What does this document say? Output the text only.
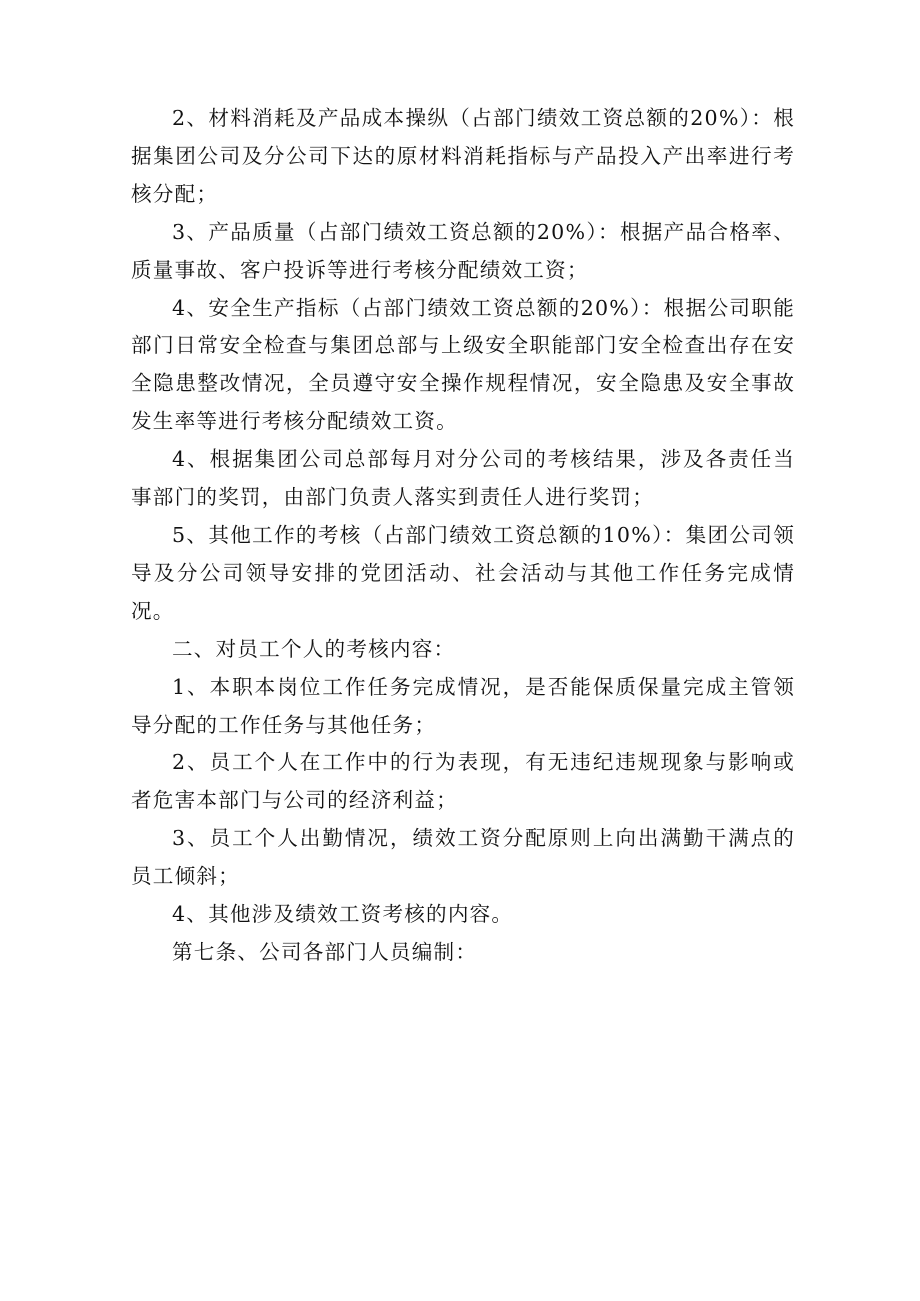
2、材料消耗及产品成本操纵（占部门绩效工资总额的20%）：根据集团公司及分公司下达的原材料消耗指标与产品投入产出率进行考核分配；

3、产品质量（占部门绩效工资总额的20%）：根据产品合格率、质量事故、客户投诉等进行考核分配绩效工资；

4、安全生产指标（占部门绩效工资总额的20%）：根据公司职能部门日常安全检查与集团总部与上级安全职能部门安全检查出存在安全隐患整改情况，全员遵守安全操作规程情况，安全隐患及安全事故发生率等进行考核分配绩效工资。

4、根据集团公司总部每月对分公司的考核结果，涉及各责任当事部门的奖罚，由部门负责人落实到责任人进行奖罚；

5、其他工作的考核（占部门绩效工资总额的10%）：集团公司领导及分公司领导安排的党团活动、社会活动与其他工作任务完成情况。

二、对员工个人的考核内容：

1、本职本岗位工作任务完成情况，是否能保质保量完成主管领导分配的工作任务与其他任务；

2、员工个人在工作中的行为表现，有无违纪违规现象与影响或者危害本部门与公司的经济利益；

3、员工个人出勤情况，绩效工资分配原则上向出满勤干满点的员工倾斜；

4、其他涉及绩效工资考核的内容。

第七条、公司各部门人员编制：
